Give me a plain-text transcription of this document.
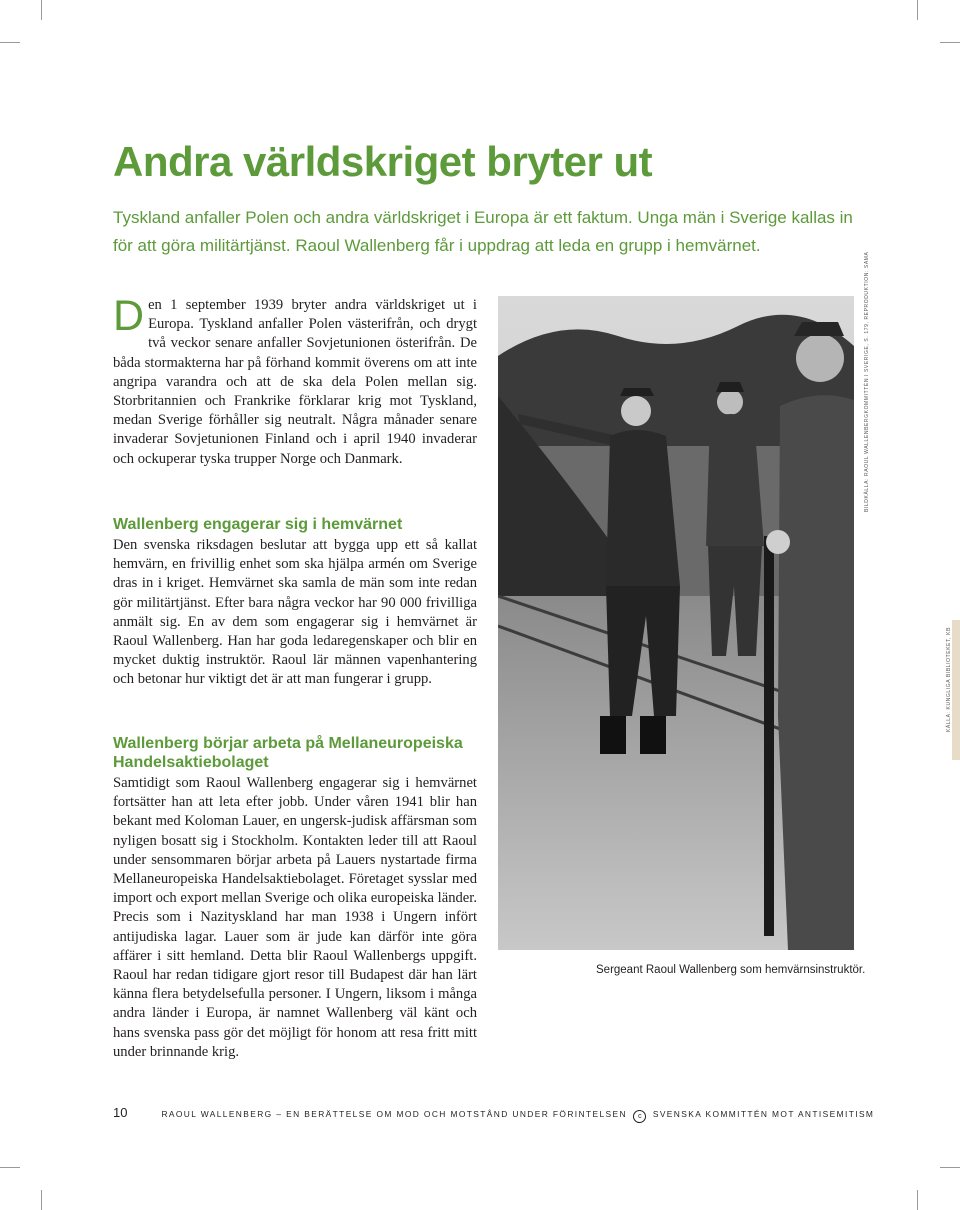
Andra världskriget bryter ut

Tyskland anfaller Polen och andra världskriget i Europa är ett faktum. Unga män i Sverige kallas in för att göra militärtjänst. Raoul Wallenberg får i uppdrag att leda en grupp i hemvärnet.

Den 1 september 1939 bryter andra världskriget ut i Europa. Tyskland anfaller Polen västerifrån, och drygt två veckor senare anfaller Sovjetunionen österifrån. De båda stormakterna har på förhand kommit överens om att inte angripa varandra och att de ska dela Polen mellan sig. Storbritannien och Frankrike förklarar krig mot Tyskland, medan Sverige förhåller sig neutralt. Några månader senare invaderar Sovjetunionen Finland och i april 1940 invaderar och ockuperar tyska trupper Norge och Danmark.

Wallenberg engagerar sig i hemvärnet

Den svenska riksdagen beslutar att bygga upp ett så kallat hemvärn, en frivillig enhet som ska hjälpa armén om Sverige dras in i kriget. Hemvärnet ska samla de män som inte redan gör militärtjänst. Efter bara några veckor har 90 000 frivilliga anmält sig. En av dem som engagerar sig i hemvärnet är Raoul Wallenberg. Han har goda ledaregenskaper och blir en mycket duktig instruktör. Raoul lär männen vapenhantering och betonar hur viktigt det är att man fungerar i grupp.

Wallenberg börjar arbeta på Mellaneuropeiska Handelsaktiebolaget

Samtidigt som Raoul Wallenberg engagerar sig i hemvärnet fortsätter han att leta efter jobb. Under våren 1941 blir han bekant med Koloman Lauer, en ungersk-judisk affärsman som nyligen bosatt sig i Stockholm. Kontakten leder till att Raoul under sensommaren börjar arbeta på Lauers nystartade firma Mellaneuropeiska Handelsaktiebolaget. Företaget sysslar med import och export mellan Sverige och olika europeiska länder. Precis som i Nazityskland har man 1938 i Ungern infört antijudiska lagar. Lauer som är jude kan därför inte göra affärer i sitt hemland. Detta blir Raoul Wallenbergs uppgift. Raoul har redan tidigare gjort resor till Budapest där han lärt känna flera betydelsefulla personer. I Ungern, liksom i många andra länder i Europa, är namnet Wallenberg väl känt och hans svenska pass gör det möjligt för honom att resa fritt mitt under brinnande krig.

BILDKÄLLA: RAOUL WALLENBERGKOMMITTÉN I SVERIGE, S. 179, REPRODUKTION: SAMA
Sergeant Raoul Wallenberg som hemvärnsinstruktör.
KÄLLA: KUNGLIGA BIBLIOTEKET, KB
10	RAOUL WALLENBERG – EN BERÄTTELSE OM MOD OCH MOTSTÅND UNDER FÖRINTELSEN c SVENSKA KOMMITTÉN MOT ANTISEMITISM
